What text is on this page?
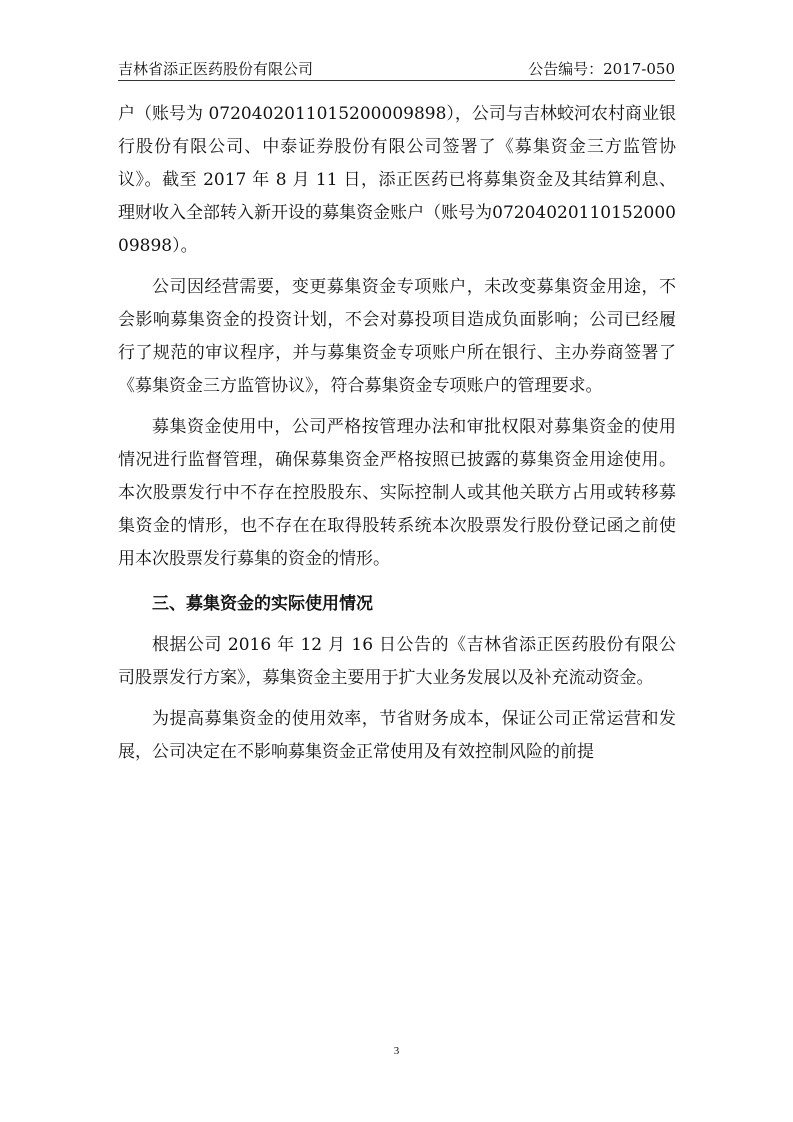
吉林省添正医药股份有限公司	公告编号：2017-050

户（账号为 0720402011015200009898），公司与吉林蛟河农村商业银行股份有限公司、中泰证券股份有限公司签署了《募集资金三方监管协议》。截至 2017 年 8 月 11 日，添正医药已将募集资金及其结算利息、理财收入全部转入新开设的募集资金账户（账号为0720402011015200009898）。

公司因经营需要，变更募集资金专项账户，未改变募集资金用途，不会影响募集资金的投资计划，不会对募投项目造成负面影响；公司已经履行了规范的审议程序，并与募集资金专项账户所在银行、主办券商签署了《募集资金三方监管协议》，符合募集资金专项账户的管理要求。

募集资金使用中，公司严格按管理办法和审批权限对募集资金的使用情况进行监督管理，确保募集资金严格按照已披露的募集资金用途使用。本次股票发行中不存在控股股东、实际控制人或其他关联方占用或转移募集资金的情形，也不存在在取得股转系统本次股票发行股份登记函之前使用本次股票发行募集的资金的情形。

三、募集资金的实际使用情况

根据公司 2016 年 12 月 16 日公告的《吉林省添正医药股份有限公司股票发行方案》，募集资金主要用于扩大业务发展以及补充流动资金。

为提高募集资金的使用效率，节省财务成本，保证公司正常运营和发展，公司决定在不影响募集资金正常使用及有效控制风险的前提

3
